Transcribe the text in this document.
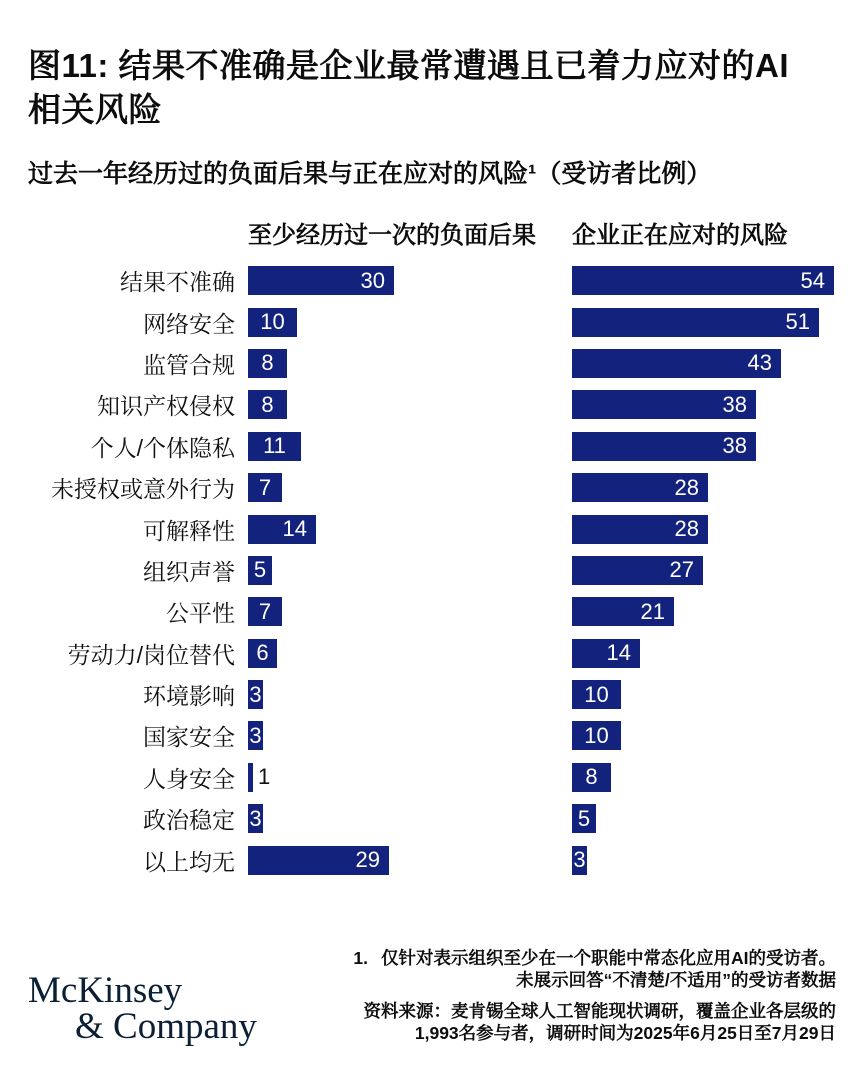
图11: 结果不准确是企业最常遭遇且已着力应对的AI
相关风险
过去一年经历过的负面后果与正在应对的风险¹（受访者比例）
至少经历过一次的负面后果	企业正在应对的风险
结果不准确	30	54
网络安全	10	51
监管合规	8	43
知识产权侵权	8	38
个人/个体隐私	11	38
未授权或意外行为	7	28
可解释性	14	28
组织声誉 5	27
公平性	7	21
劳动力/岗位替代 6	14
环境影响 3	10
国家安全 3	10
人身安全	1	8
政治稳定 3	5
以上均无	29	3
McKinsey
& Company
1. 仅针对表示组织至少在一个职能中常态化应用AI的受访者。
未展示回答“不清楚/不适用”的受访者数据
资料来源：麦肯锡全球人工智能现状调研，覆盖企业各层级的
1,993名参与者，调研时间为2025年6月25日至7月29日
